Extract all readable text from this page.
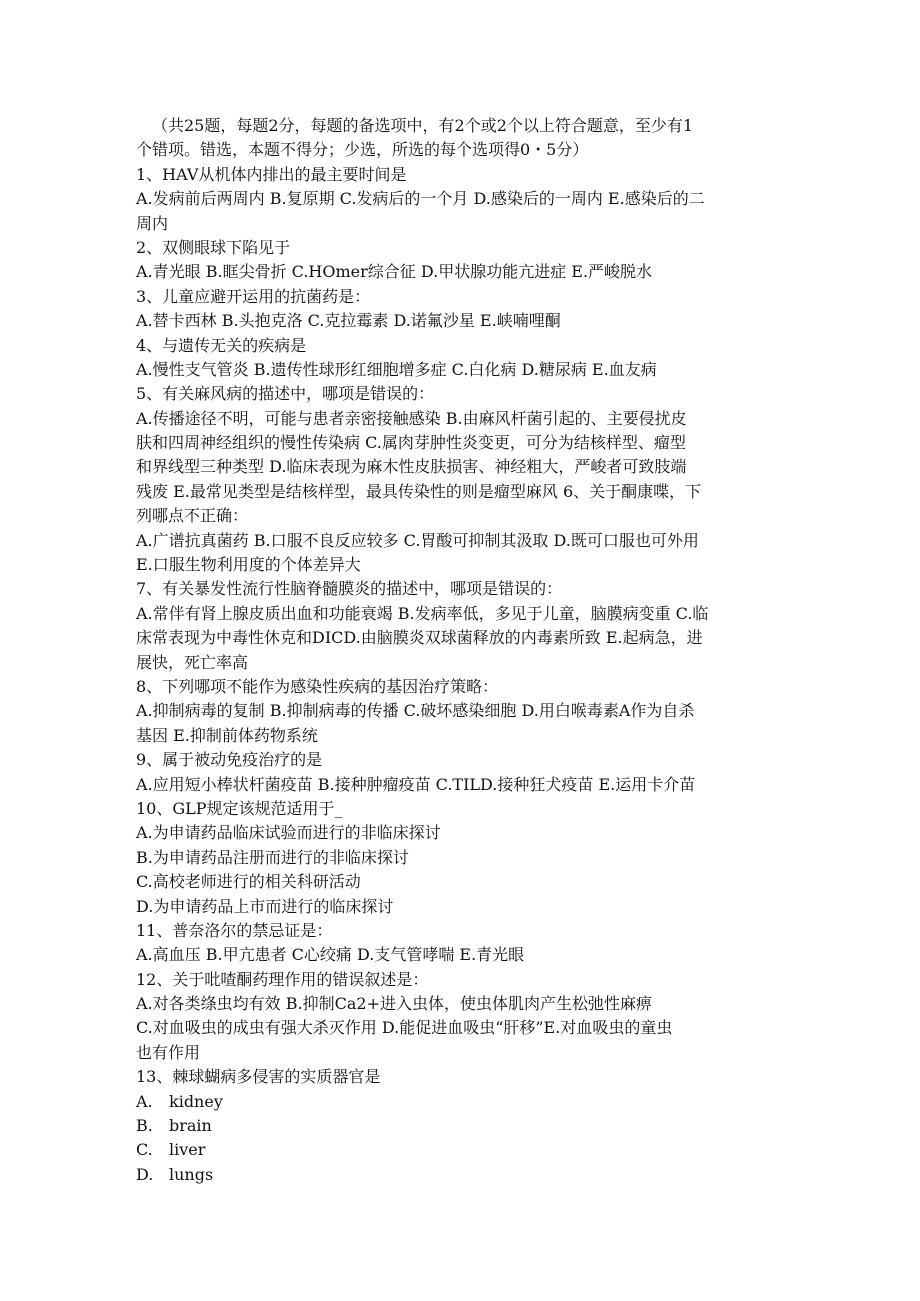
（共25题，每题2分，每题的备选项中，有2个或2个以上符合题意，至少有1
个错项。错选，本题不得分；少选，所选的每个选项得0・5分）
1、HAV从机体内排出的最主要时间是
A.发病前后两周内 B.复原期 C.发病后的一个月 D.感染后的一周内 E.感染后的二
周内
2、双侧眼球下陷见于
A.青光眼 B.眶尖骨折 C.HOmer综合征 D.甲状腺功能亢进症 E.严峻脱水
3、儿童应避开运用的抗菌药是：
A.替卡西林 B.头抱克洛 C.克拉霉素 D.诺氟沙星 E.峡喃哩酮
4、与遗传无关的疾病是
A.慢性支气管炎 B.遗传性球形红细胞增多症 C.白化病 D.糖尿病 E.血友病
5、有关麻风病的描述中，哪项是错误的：
A.传播途径不明，可能与患者亲密接触感染 B.由麻风杆菌引起的、主要侵扰皮
肤和四周神经组织的慢性传染病 C.属肉芽肿性炎变更，可分为结核样型、瘤型
和界线型三种类型 D.临床表现为麻木性皮肤损害、神经粗大，严峻者可致肢端
残废 E.最常见类型是结核样型，最具传染性的则是瘤型麻风 6、关于酮康喋，下
列哪点不正确：
A.广谱抗真菌药 B.口服不良反应较多 C.胃酸可抑制其汲取 D.既可口服也可外用
E.口服生物利用度的个体差异大
7、有关暴发性流行性脑脊髓膜炎的描述中，哪项是错误的：
A.常伴有肾上腺皮质出血和功能衰竭 B.发病率低，多见于儿童，脑膜病变重 C.临
床常表现为中毒性休克和DICD.由脑膜炎双球菌释放的内毒素所致 E.起病急，进
展快，死亡率高
8、下列哪项不能作为感染性疾病的基因治疗策略：
A.抑制病毒的复制 B.抑制病毒的传播 C.破坏感染细胞 D.用白喉毒素A作为自杀
基因 E.抑制前体药物系统
9、属于被动免疫治疗的是
A.应用短小棒状杆菌疫苗 B.接种肿瘤疫苗 C.TILD.接种狂犬疫苗 E.运用卡介苗
10、GLP规定该规范适用于_
A.为申请药品临床试验而进行的非临床探讨
B.为申请药品注册而进行的非临床探讨
C.高校老师进行的相关科研活动
D.为申请药品上市而进行的临床探讨
11、普奈洛尔的禁忌证是：
A.高血压 B.甲亢患者 C心绞痛 D.支气管哮喘 E.青光眼
12、关于吡喳酮药理作用的错误叙述是：
A.对各类绦虫均有效 B.抑制Ca2+进入虫体，使虫体肌肉产生松弛性麻痹
C.对血吸虫的成虫有强大杀灭作用 D.能促进血吸虫“肝移”E.对血吸虫的童虫
也有作用
13、棘球蝴病多侵害的实质器官是
A. kidney
B. brain
C. liver
D. lungs
